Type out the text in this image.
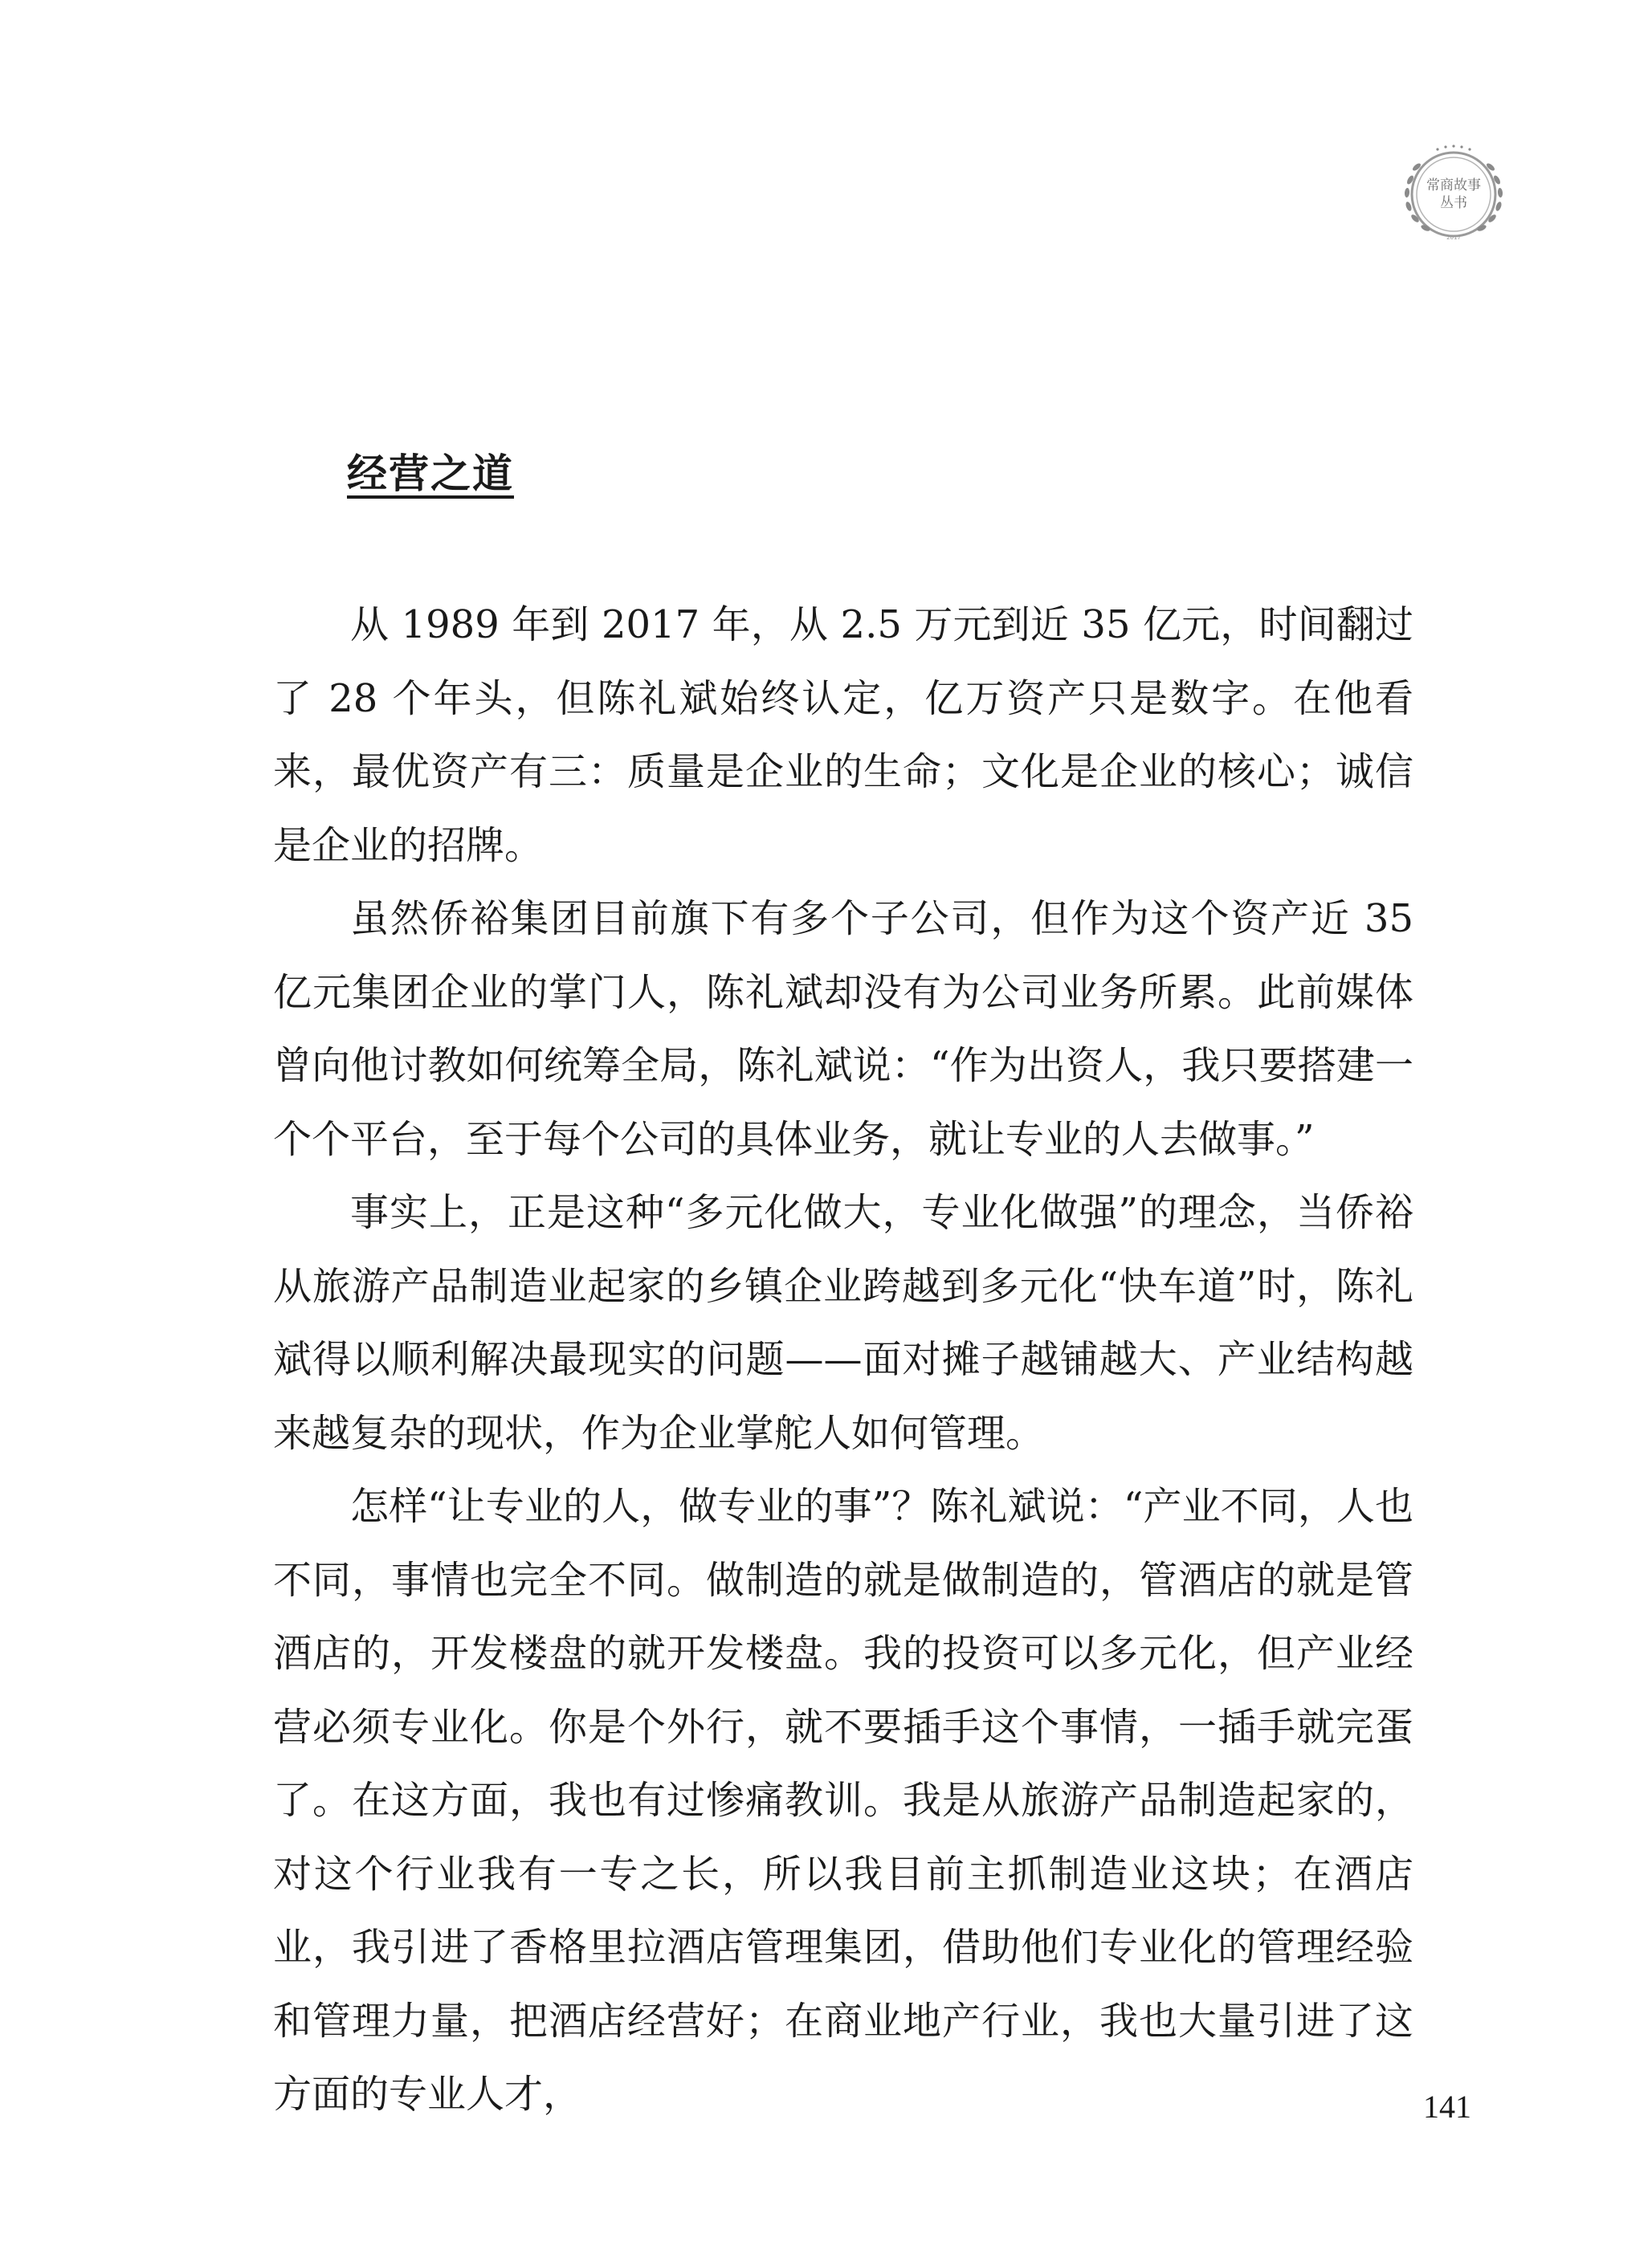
常商故事
丛书
2017
经营之道

从 1989 年到 2017 年，从 2.5 万元到近 35 亿元，时间翻过了 28 个年头，但陈礼斌始终认定，亿万资产只是数字。在他看来，最优资产有三：质量是企业的生命；文化是企业的核心；诚信是企业的招牌。

虽然侨裕集团目前旗下有多个子公司，但作为这个资产近 35 亿元集团企业的掌门人，陈礼斌却没有为公司业务所累。此前媒体曾向他讨教如何统筹全局，陈礼斌说：“作为出资人，我只要搭建一个个平台，至于每个公司的具体业务，就让专业的人去做事。”

事实上，正是这种“多元化做大，专业化做强”的理念，当侨裕从旅游产品制造业起家的乡镇企业跨越到多元化“快车道”时，陈礼斌得以顺利解决最现实的问题——面对摊子越铺越大、产业结构越来越复杂的现状，作为企业掌舵人如何管理。

怎样“让专业的人，做专业的事”？陈礼斌说：“产业不同，人也不同，事情也完全不同。做制造的就是做制造的，管酒店的就是管酒店的，开发楼盘的就开发楼盘。我的投资可以多元化，但产业经营必须专业化。你是个外行，就不要插手这个事情，一插手就完蛋了。在这方面，我也有过惨痛教训。我是从旅游产品制造起家的，对这个行业我有一专之长，所以我目前主抓制造业这块；在酒店业，我引进了香格里拉酒店管理集团，借助他们专业化的管理经验和管理力量，把酒店经营好；在商业地产行业，我也大量引进了这方面的专业人才，	141
